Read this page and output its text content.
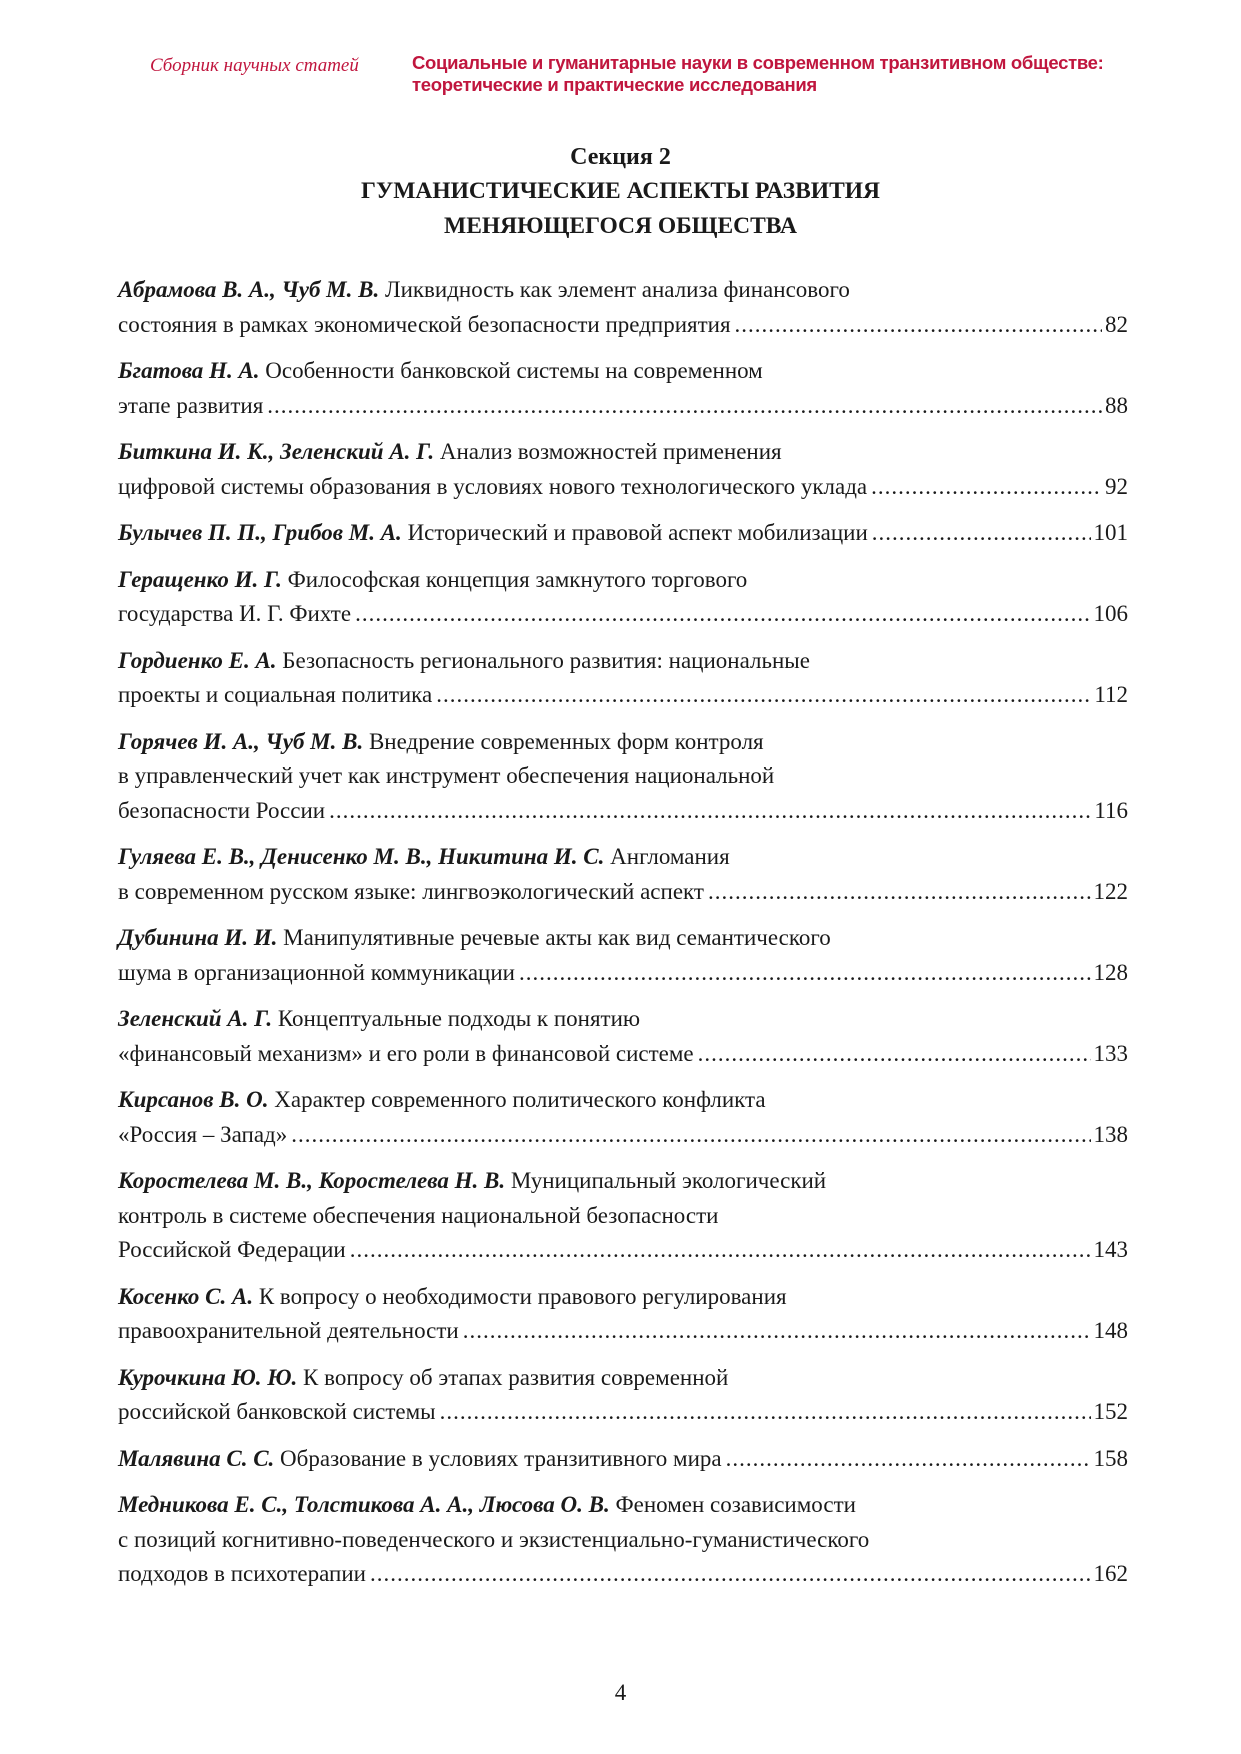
Сборник научных статей	Социальные и гуманитарные науки в современном транзитивном обществе:
теоретические и практические исследования
Секция 2
ГУМАНИСТИЧЕСКИЕ АСПЕКТЫ РАЗВИТИЯ
МЕНЯЮЩЕГОСЯ ОБЩЕСТВА
Абрамова В. А., Чуб М. В.
Ликвидность как элемент анализа финансового
состояния в рамках экономической безопасности предприятия .....	82
Бгатова Н. А.
Особенности банковской системы на современном
этапе развития .....	88
Биткина И. К., Зеленский А. Г.
Анализ возможностей применения
цифровой системы образования в условиях нового технологического уклада .....	92
Булычев П. П., Грибов М. А.
Исторический и правовой аспект мобилизации .....	101
Геращенко И. Г.
Философская концепция замкнутого торгового
государства И. Г. Фихте .....	106
Гордиенко Е. А.
Безопасность регионального развития: национальные
проекты и социальная политика .....	112
Горячев И. А., Чуб М. В.
Внедрение современных форм контроля
в управленческий учет как инструмент обеспечения национальной
безопасности России .....	116
Гуляева Е. В., Денисенко М. В., Никитина И. С.
Англомания
в современном русском языке: лингвоэкологический аспект .....	122
Дубинина И. И.
Манипулятивные речевые акты как вид семантического
шума в организационной коммуникации .....	128
Зеленский А. Г.
Концептуальные подходы к понятию
«финансовый механизм» и его роли в финансовой системе .....	133
Кирсанов В. О.
Характер современного политического конфликта
«Россия – Запад» .....	138
Коростелева М. В., Коростелева Н. В.
Муниципальный экологический
контроль в системе обеспечения национальной безопасности
Российской Федерации .....	143
Косенко С. А.
К вопросу о необходимости правового регулирования
правоохранительной деятельности .....	148
Курочкина Ю. Ю.
К вопросу об этапах развития современной
российской банковской системы .....	152
Малявина С. С.
Образование в условиях транзитивного мира .....	158
Медникова Е. С., Толстикова А. А., Люсова О. В.
Феномен созависимости
с позиций когнитивно-поведенческого и экзистенциально-гуманистического
подходов в психотерапии .....	162
4
